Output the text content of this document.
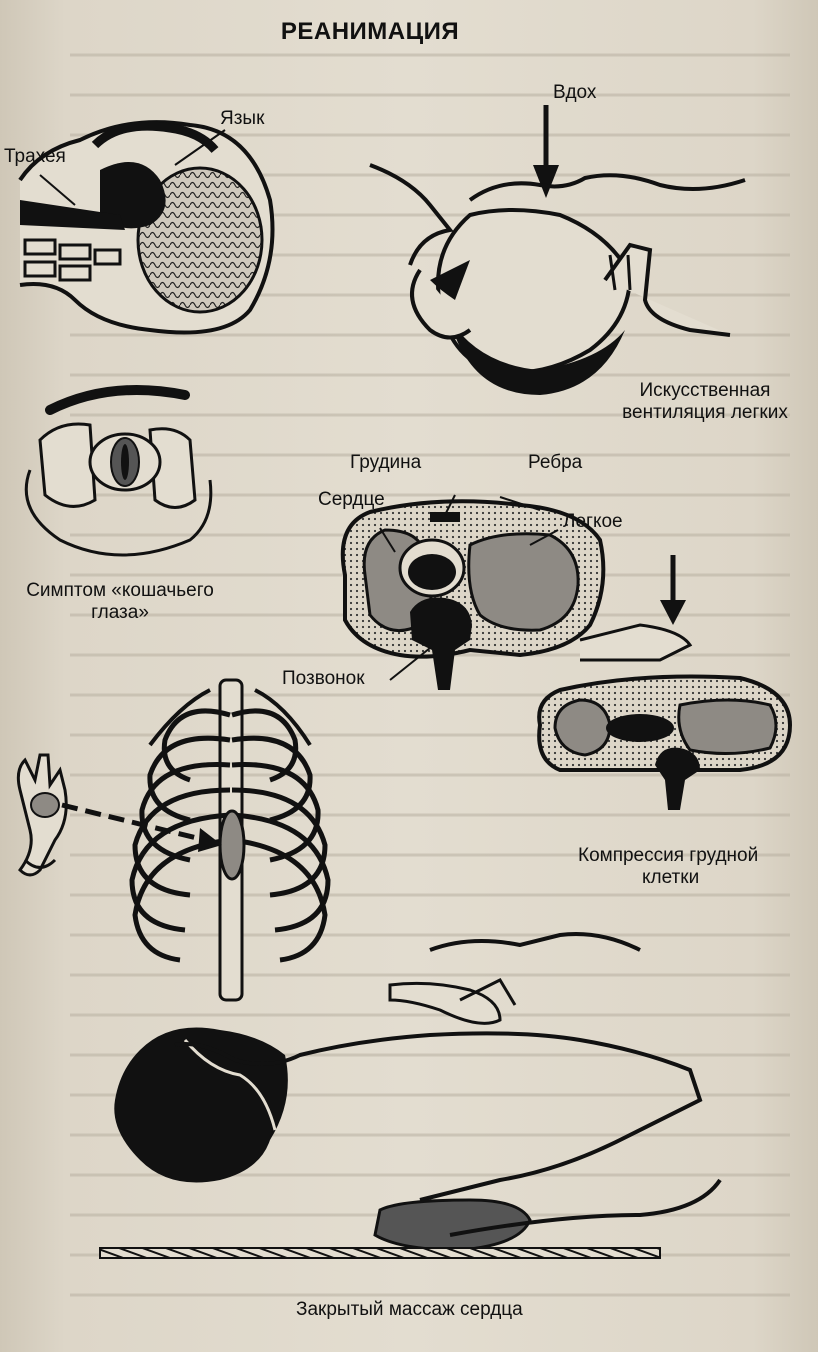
РЕАНИМАЦИЯ
Трахея
Язык
Вдох
Искусственная
вентиляция легких
Грудина	Ребра
Сердце
Легкое
Симптом «кошачьего
глаза»
Позвонок
Компрессия грудной
клетки
Закрытый массаж сердца
